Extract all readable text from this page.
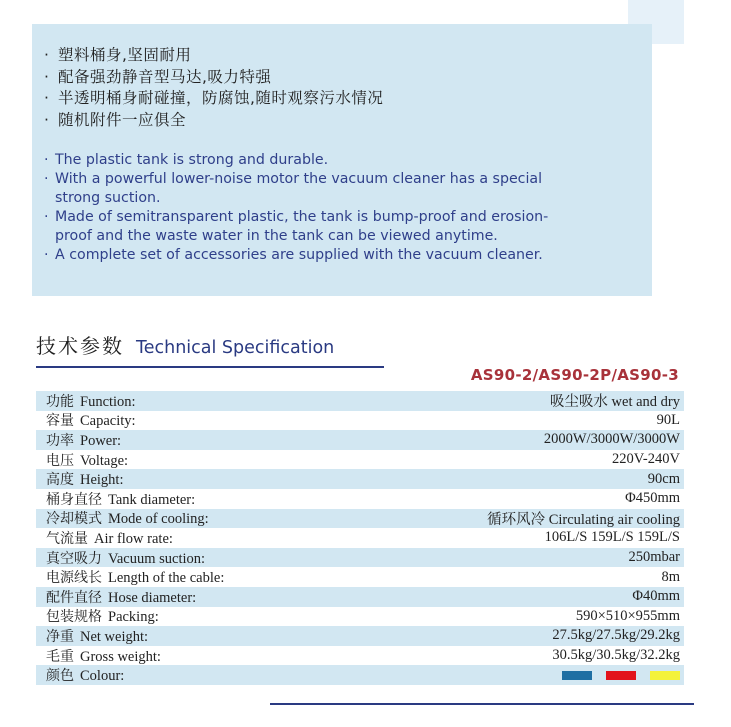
· 塑料桶身,坚固耐用
· 配备强劲静音型马达,吸力特强
· 半透明桶身耐碰撞，防腐蚀,随时观察污水情况
· 随机附件一应俱全
· The plastic tank is strong and durable.
· With a powerful lower-noise motor the vacuum cleaner has a special
strong suction.
· Made of semitransparent plastic, the tank is bump-proof and erosion-
proof and the waste water in the tank can be viewed anytime.
· A complete set of accessories are supplied with the vacuum cleaner.
技术参数 Technical Specification
AS90-2/AS90-2P/AS90-3
功能 Function:	吸尘吸水 wet and dry
容量 Capacity:	90L
功率 Power:	2000W/3000W/3000W
电压 Voltage:	220V-240V
高度 Height:	90cm
桶身直径 Tank diameter:	Φ450mm
冷却模式 Mode of cooling:	循环风冷 Circulating air cooling
气流量 Air flow rate:	106L/S 159L/S 159L/S
真空吸力 Vacuum suction:	250mbar
电源线长 Length of the cable:	8m
配件直径 Hose diameter:	Φ40mm
包装规格 Packing:	590×510×955mm
净重 Net weight:	27.5kg/27.5kg/29.2kg
毛重 Gross weight:	30.5kg/30.5kg/32.2kg
颜色 Colour:
